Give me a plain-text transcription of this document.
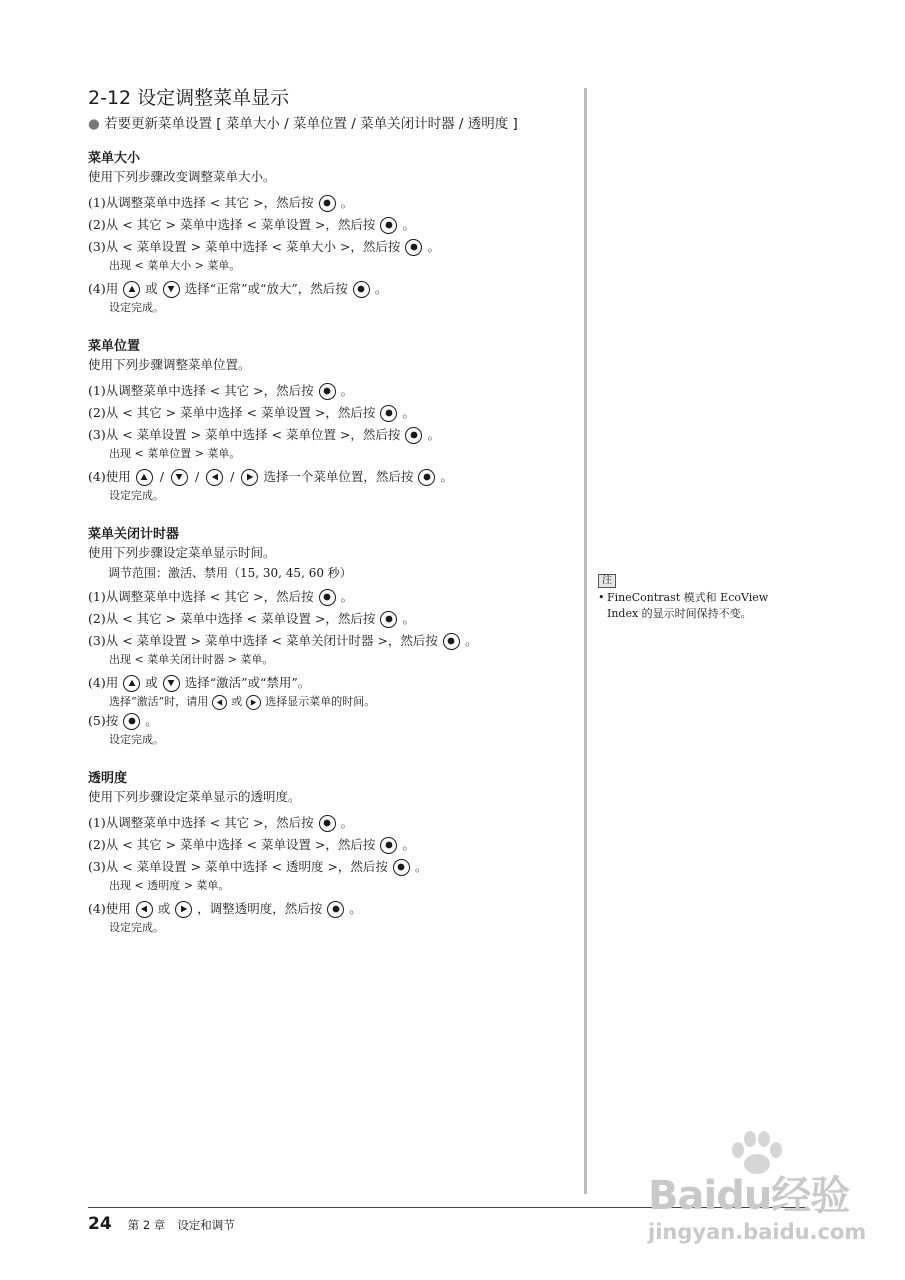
2-12 设定调整菜单显示
● 若要更新菜单设置 [ 菜单大小 / 菜单位置 / 菜单关闭计时器 / 透明度 ]
菜单大小
使用下列步骤改变调整菜单大小。
(1) 从调整菜单中选择 < 其它 >，然后按 。
(2) 从 < 其它 > 菜单中选择 < 菜单设置 >，然后按 。
(3) 从 < 菜单设置 > 菜单中选择 < 菜单大小 >，然后按 。
出现 < 菜单大小 > 菜单。
(4) 用 或 选择“正常”或“放大”，然后按 。
设定完成。
菜单位置
使用下列步骤调整菜单位置。
(1) 从调整菜单中选择 < 其它 >，然后按 。
(2) 从 < 其它 > 菜单中选择 < 菜单设置 >，然后按 。
(3) 从 < 菜单设置 > 菜单中选择 < 菜单位置 >，然后按 。
出现 < 菜单位置 > 菜单。
(4) 使用 / / / 选择一个菜单位置，然后按 。
设定完成。
菜单关闭计时器
使用下列步骤设定菜单显示时间。
调节范围：激活、禁用（15, 30, 45, 60 秒）
(1) 从调整菜单中选择 < 其它 >，然后按 。
(2) 从 < 其它 > 菜单中选择 < 菜单设置 >，然后按 。
(3) 从 < 菜单设置 > 菜单中选择 < 菜单关闭计时器 >，然后按 。
出现 < 菜单关闭计时器 > 菜单。
(4) 用 或 选择“激活”或“禁用”。
选择“激活”时，请用 或 选择显示菜单的时间。
(5) 按 。
设定完成。
透明度
使用下列步骤设定菜单显示的透明度。
(1) 从调整菜单中选择 < 其它 >，然后按 。
(2) 从 < 其它 > 菜单中选择 < 菜单设置 >，然后按 。
(3) 从 < 菜单设置 > 菜单中选择 < 透明度 >，然后按 。
出现 < 透明度 > 菜单。
(4) 使用 或 ，调整透明度，然后按 。
设定完成。
注
• FineContrast 模式和 EcoView Index 的显示时间保持不变。
24 第 2 章 设定和调节
Baidu经验
jingyan.baidu.com
